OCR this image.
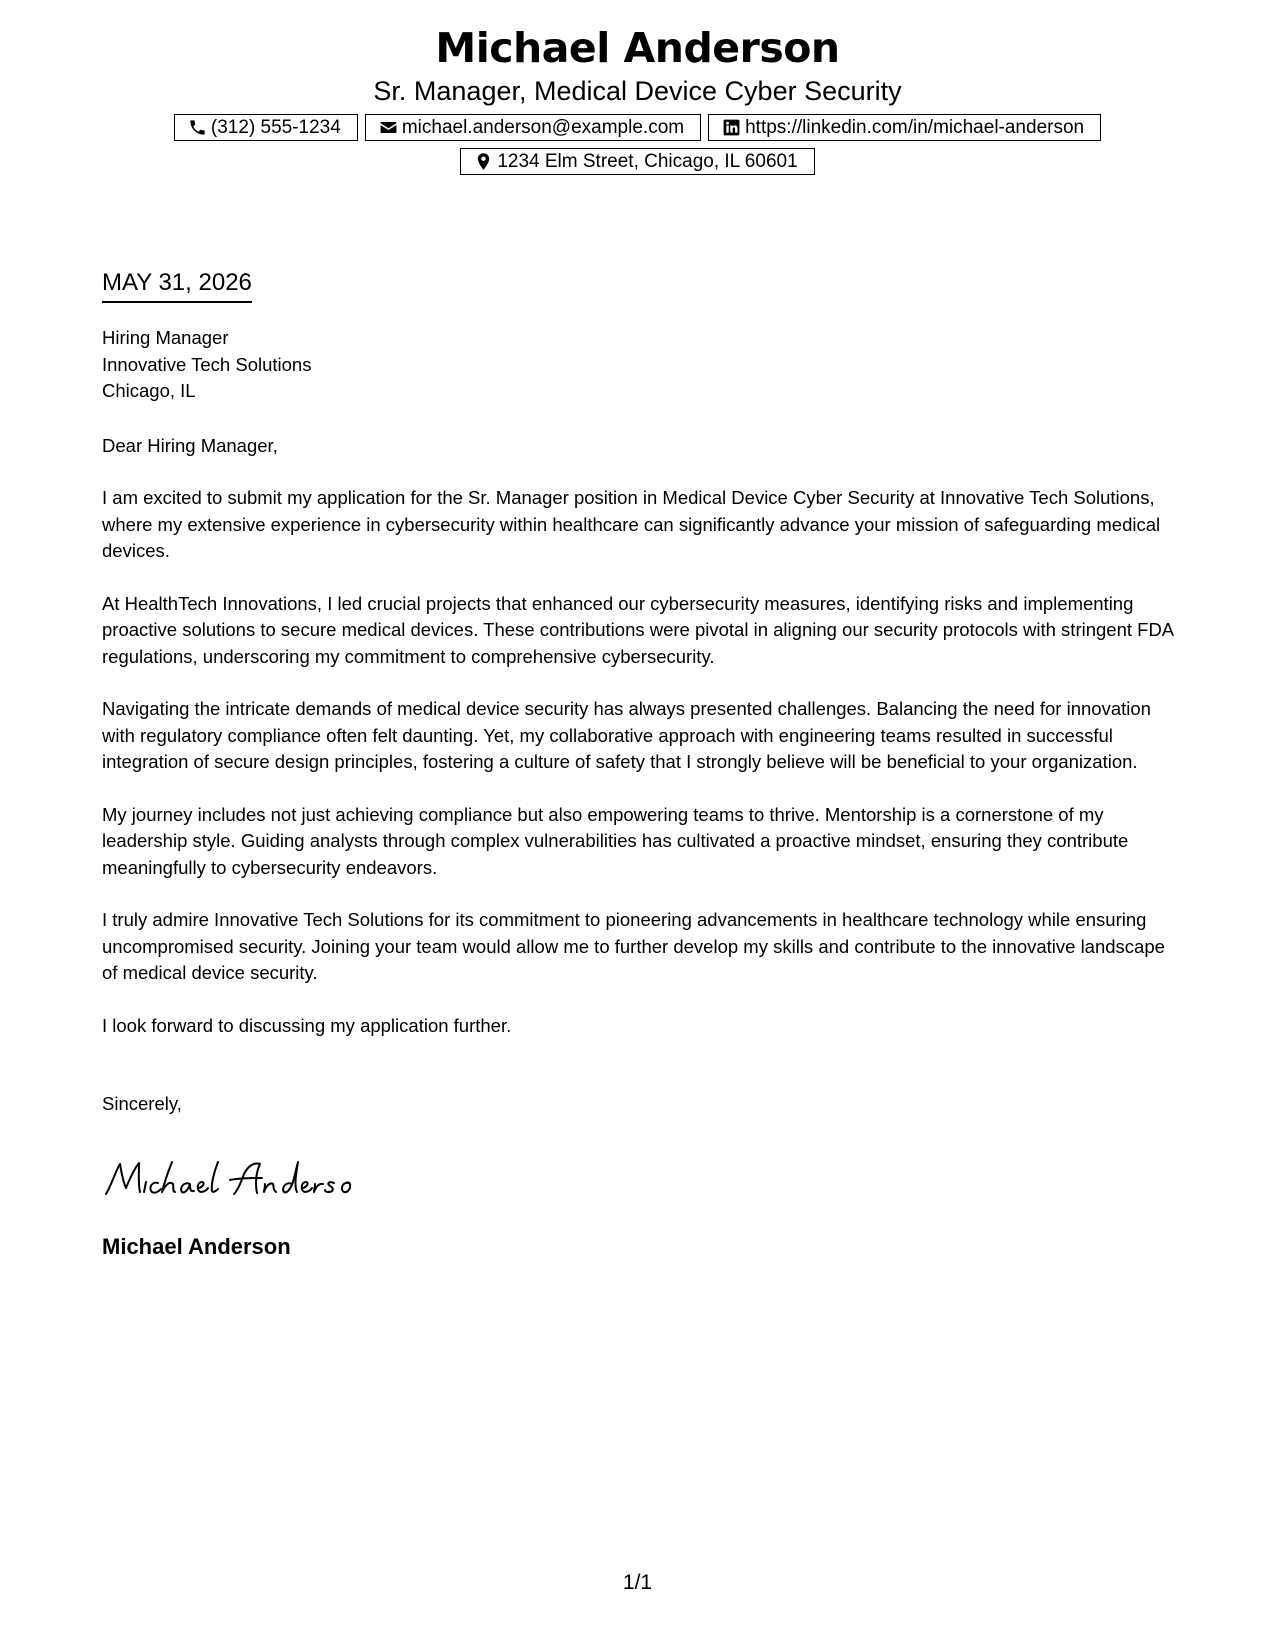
Michael Anderson
Sr. Manager, Medical Device Cyber Security
(312) 555-1234	michael.anderson@example.com	https://linkedin.com/in/michael-anderson
1234 Elm Street, Chicago, IL 60601
MAY 31, 2026
Hiring Manager
Innovative Tech Solutions
Chicago, IL
Dear Hiring Manager,
I am excited to submit my application for the Sr. Manager position in Medical Device Cyber Security at Innovative Tech Solutions, where my extensive experience in cybersecurity within healthcare can significantly advance your mission of safeguarding medical devices.
At HealthTech Innovations, I led crucial projects that enhanced our cybersecurity measures, identifying risks and implementing proactive solutions to secure medical devices. These contributions were pivotal in aligning our security protocols with stringent FDA regulations, underscoring my commitment to comprehensive cybersecurity.
Navigating the intricate demands of medical device security has always presented challenges. Balancing the need for innovation with regulatory compliance often felt daunting. Yet, my collaborative approach with engineering teams resulted in successful integration of secure design principles, fostering a culture of safety that I strongly believe will be beneficial to your organization.
My journey includes not just achieving compliance but also empowering teams to thrive. Mentorship is a cornerstone of my leadership style. Guiding analysts through complex vulnerabilities has cultivated a proactive mindset, ensuring they contribute meaningfully to cybersecurity endeavors.
I truly admire Innovative Tech Solutions for its commitment to pioneering advancements in healthcare technology while ensuring uncompromised security. Joining your team would allow me to further develop my skills and contribute to the innovative landscape of medical device security.
I look forward to discussing my application further.
Sincerely,
Michael Anderson
1/1
